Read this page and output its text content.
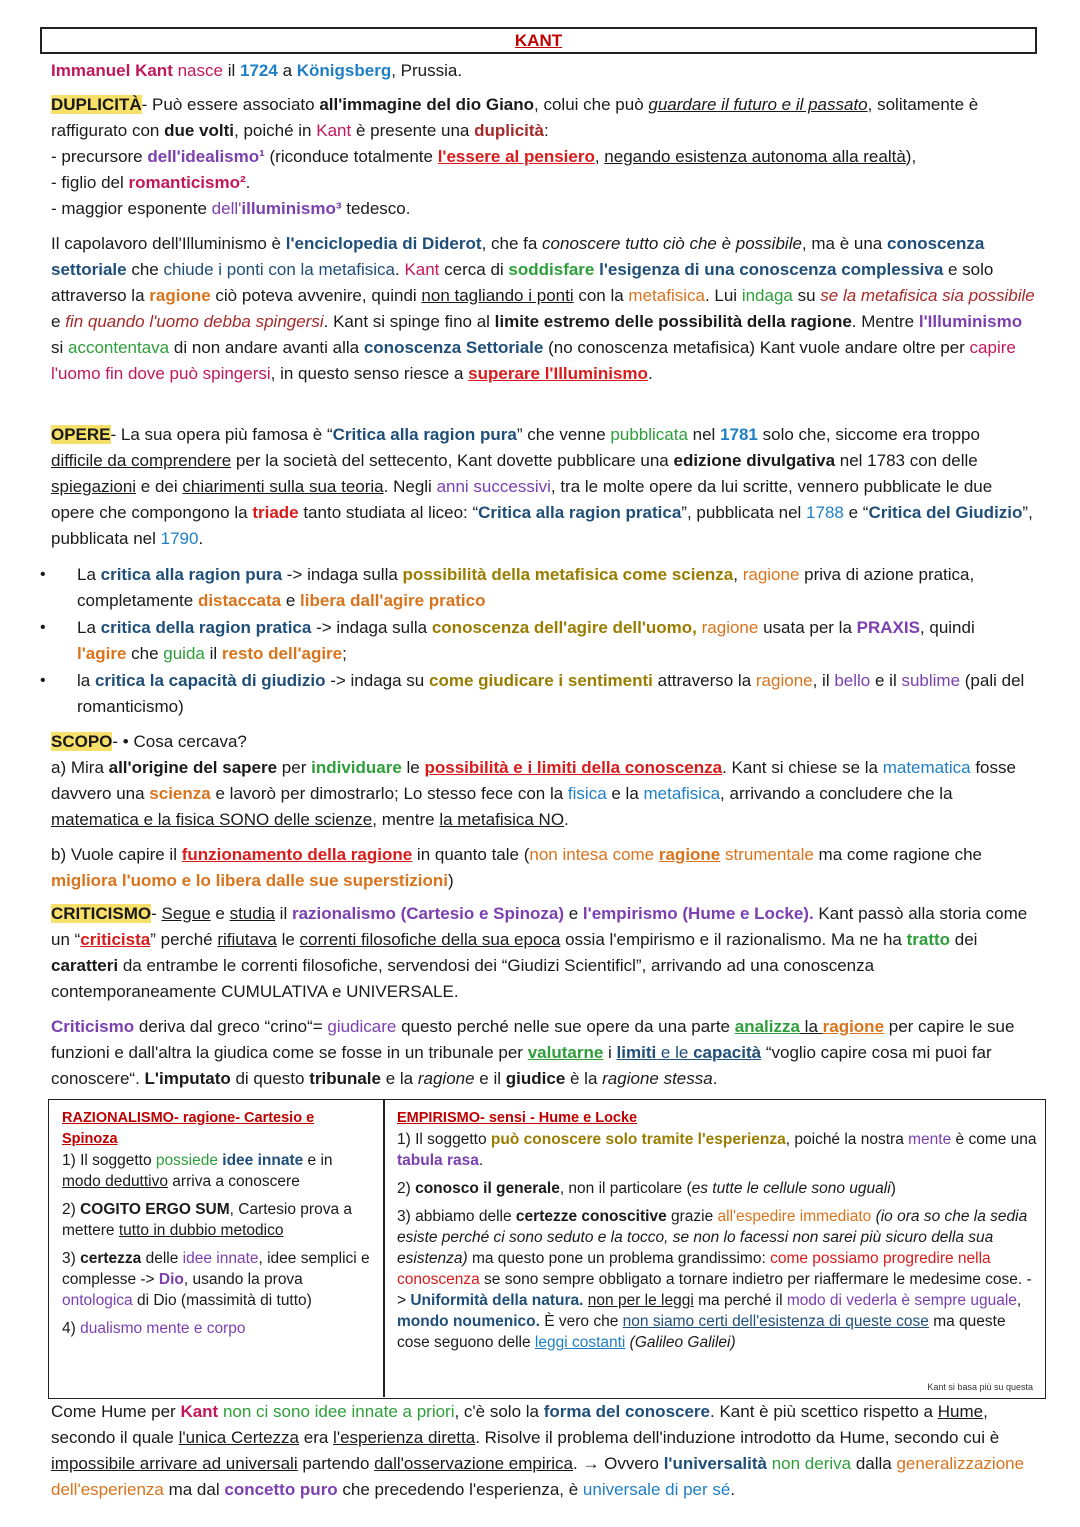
KANT

Immanuel Kant nasce il 1724 a Königsberg, Prussia.

DUPLICITÀ- Può essere associato all'immagine del dio Giano, colui che può guardare il futuro e il passato, solitamente è raffigurato con due volti, poiché in Kant è presente una duplicità:
- precursore dell'idealismo¹ (riconduce totalmente l'essere al pensiero, negando esistenza autonoma alla realtà),
- figlio del romanticismo².
- maggior esponente dell'illuminismo³ tedesco.

Il capolavoro dell'Illuminismo è l'enciclopedia di Diderot, che fa conoscere tutto ciò che è possibile, ma è una conoscenza settoriale che chiude i ponti con la metafisica. Kant cerca di soddisfare l'esigenza di una conoscenza complessiva e solo attraverso la ragione ciò poteva avvenire, quindi non tagliando i ponti con la metafisica. Lui indaga su se la metafisica sia possibile e fin quando l'uomo debba spingersi. Kant si spinge fino al limite estremo delle possibilità della ragione. Mentre l'Illuminismo si accontentava di non andare avanti alla conoscenza Settoriale (no conoscenza metafisica) Kant vuole andare oltre per capire l'uomo fin dove può spingersi, in questo senso riesce a superare l'Illuminismo.

OPERE- La sua opera più famosa è “Critica alla ragion pura” che venne pubblicata nel 1781 solo che, siccome era troppo difficile da comprendere per la società del settecento, Kant dovette pubblicare una edizione divulgativa nel 1783 con delle spiegazioni e dei chiarimenti sulla sua teoria. Negli anni successivi, tra le molte opere da lui scritte, vennero pubblicate le due opere che compongono la triade tanto studiata al liceo: “Critica alla ragion pratica”, pubblicata nel 1788 e “Critica del Giudizio”, pubblicata nel 1790.

• La critica alla ragion pura -> indaga sulla possibilità della metafisica come scienza, ragione priva di azione pratica, completamente distaccata e libera dall'agire pratico
• La critica della ragion pratica -> indaga sulla conoscenza dell'agire dell'uomo, ragione usata per la PRAXIS, quindi l'agire che guida il resto dell'agire;
• la critica la capacità di giudizio -> indaga su come giudicare i sentimenti attraverso la ragione, il bello e il sublime (pali del romanticismo)

SCOPO- • Cosa cercava?
a) Mira all'origine del sapere per individuare le possibilità e i limiti della conoscenza. Kant si chiese se la matematica fosse davvero una scienza e lavorò per dimostrarlo; Lo stesso fece con la fisica e la metafisica, arrivando a concludere che la matematica e la fisica SONO delle scienze, mentre la metafisica NO.

b) Vuole capire il funzionamento della ragione in quanto tale (non intesa come ragione strumentale ma come ragione che migliora l'uomo e lo libera dalle sue superstizioni)

CRITICISMO- Segue e studia il razionalismo (Cartesio e Spinoza) e l'empirismo (Hume e Locke). Kant passò alla storia come un “criticista” perché rifiutava le correnti filosofiche della sua epoca ossia l'empirismo e il razionalismo. Ma ne ha tratto dei caratteri da entrambe le correnti filosofiche, servendosi dei “Giudizi Scientificl”, arrivando ad una conoscenza contemporaneamente CUMULATIVA e UNIVERSALE.

Criticismo deriva dal greco “crino“= giudicare questo perché nelle sue opere da una parte analizza la ragione per capire le sue funzioni e dall'altra la giudica come se fosse in un tribunale per valutarne i limiti e le capacità “voglio capire cosa mi puoi far conoscere“. L'imputato di questo tribunale e la ragione e il giudice è la ragione stessa.

RAZIONALISMO- ragione- Cartesio e Spinoza

1) Il soggetto possiede idee innate e in modo deduttivo arriva a conoscere

2) COGITO ERGO SUM, Cartesio prova a mettere tutto in dubbio metodico

3) certezza delle idee innate, idee semplici e complesse -> Dio, usando la prova ontologica di Dio (massimità di tutto)

4) dualismo mente e corpo

EMPIRISMO- sensi - Hume e Locke

1) Il soggetto può conoscere solo tramite l'esperienza, poiché la nostra mente è come una tabula rasa.

2) conosco il generale, non il particolare (es tutte le cellule sono uguali)

3) abbiamo delle certezze conoscitive grazie all'espedire immediato (io ora so che la sedia esiste perché ci sono seduto e la tocco, se non lo facessi non sarei più sicuro della sua esistenza) ma questo pone un problema grandissimo: come possiamo progredire nella conoscenza se sono sempre obbligato a tornare indietro per riaffermare le medesime cose. -> Uniformità della natura. non per le leggi ma perché il modo di vederla è sempre uguale, mondo noumenico. È vero che non siamo certi dell'esistenza di queste cose ma queste cose seguono delle leggi costanti (Galileo Galilei)

Kant si basa più su questa

Come Hume per Kant non ci sono idee innate a priori, c'è solo la forma del conoscere. Kant è più scettico rispetto a Hume, secondo il quale l'unica Certezza era l'esperienza diretta. Risolve il problema dell'induzione introdotto da Hume, secondo cui è impossibile arrivare ad universali partendo dall'osservazione empirica. → Ovvero l'universalità non deriva dalla generalizzazione dell'esperienza ma dal concetto puro che precedendo l'esperienza, è universale di per sé.
